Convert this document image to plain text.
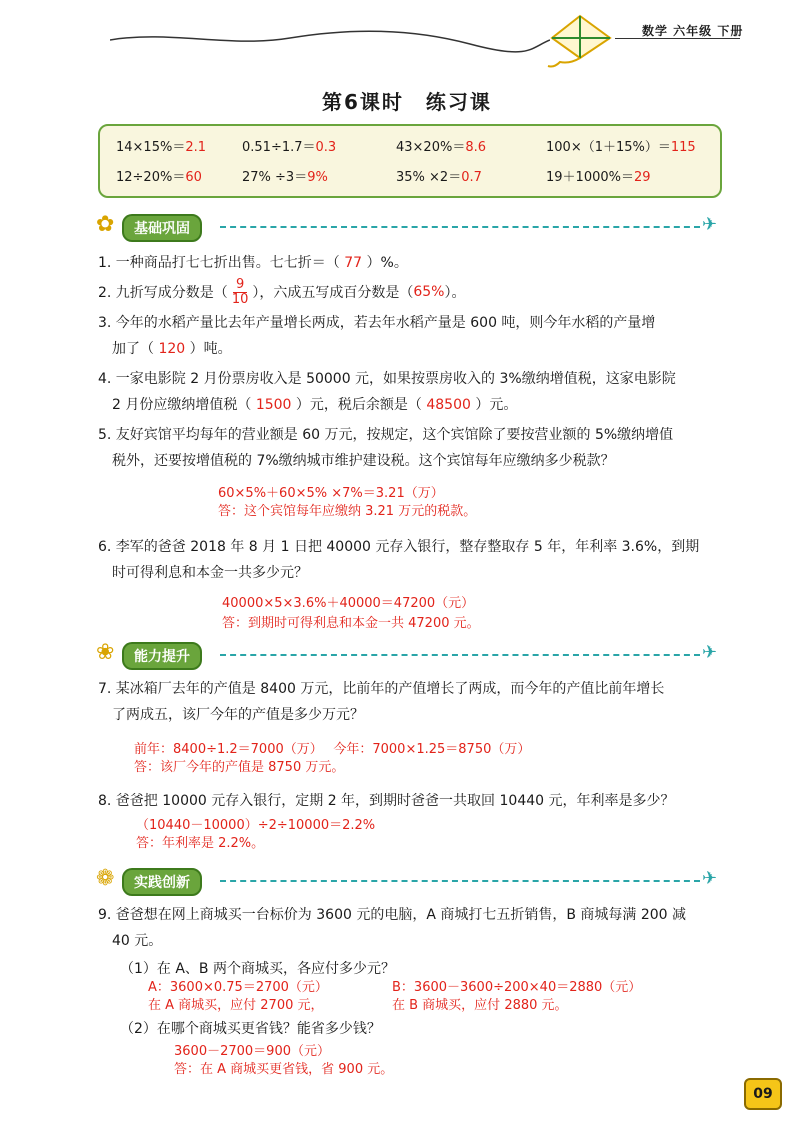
数学 六年级 下册
第6课时　练习课
14×15%＝2.1	0.51÷1.7＝0.3	43×20%＝8.6	100×（1＋15%）＝115
12÷20%＝60	27% ÷3＝9%	35% ×2＝0.7	19＋1000%＝29
✿	基础巩固	✈
1. 一种商品打七七折出售。七七折＝（ 77 ）%。
2. 九折写成分数是（ $\frac{9}{10}$ ），六成五写成百分数是（ 65% ）。
3. 今年的水稻产量比去年产量增长两成，若去年水稻产量是 600 吨，则今年水稻的产量增
加了（ 120 ）吨。
4. 一家电影院 2 月份票房收入是 50000 元，如果按票房收入的 3%缴纳增值税，这家电影院
2 月份应缴纳增值税（ 1500 ）元，税后余额是（ 48500 ）元。
5. 友好宾馆平均每年的营业额是 60 万元，按规定，这个宾馆除了要按营业额的 5%缴纳增值
税外，还要按增值税的 7%缴纳城市维护建设税。这个宾馆每年应缴纳多少税款？
60×5%＋60×5% ×7%＝3.21（万）
答：这个宾馆每年应缴纳 3.21 万元的税款。
6. 李军的爸爸 2018 年 8 月 1 日把 40000 元存入银行，整存整取存 5 年，年利率 3.6%，到期
时可得利息和本金一共多少元？
40000×5×3.6%＋40000＝47200（元）
答：到期时可得利息和本金一共 47200 元。
❀	能力提升	✈
7. 某冰箱厂去年的产值是 8400 万元，比前年的产值增长了两成，而今年的产值比前年增长
了两成五，该厂今年的产值是多少万元？
前年：8400÷1.2＝7000（万）　 今年：7000×1.25＝8750（万）
答：该厂今年的产值是 8750 万元。
8. 爸爸把 10000 元存入银行，定期 2 年，到期时爸爸一共取回 10440 元，年利率是多少？
（10440－10000）÷2÷10000＝2.2%
答：年利率是 2.2%。
❁	实践创新	✈
9. 爸爸想在网上商城买一台标价为 3600 元的电脑，A 商城打七五折销售，B 商城每满 200 减
40 元。
（1）在 A、B 两个商城买，各应付多少元？
A：3600×0.75＝2700（元）	B：3600－3600÷200×40＝2880（元）
在 A 商城买，应付 2700 元，	在 B 商城买，应付 2880 元。
（2）在哪个商城买更省钱？能省多少钱？
3600－2700＝900（元）
答：在 A 商城买更省钱，省 900 元。
09
